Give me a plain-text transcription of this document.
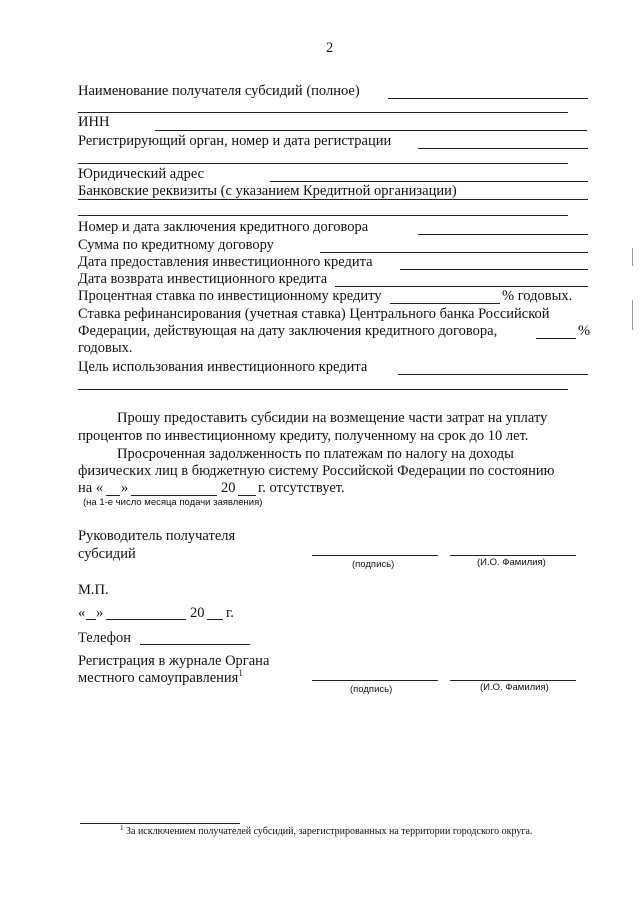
2
Наименование получателя субсидий (полное)
ИНН
Регистрирующий орган, номер и дата регистрации
Юридический адрес
Банковские реквизиты (с указанием Кредитной организации)
Номер и дата заключения кредитного договора
Сумма по кредитному договору
Дата предоставления инвестиционного кредита
Дата возврата инвестиционного кредита
Процентная ставка по инвестиционному кредиту	% годовых.
Ставка рефинансирования (учетная ставка) Центрального банка Российской
Федерации, действующая на дату заключения кредитного договора,	%
годовых.
Цель использования инвестиционного кредита
Прошу предоставить субсидии на возмещение части затрат на уплату
процентов по инвестиционному кредиту, полученному на срок до 10 лет.
Просроченная задолженность по платежам по налогу на доходы
физических лиц в бюджетную систему Российской Федерации по состоянию
на « »	20 г. отсутствует.
(на 1-е число месяца подачи заявления)
Руководитель получателя
субсидий
(подпись)	(И.О. Фамилия)
М.П.
« »	20 г.
Телефон
Регистрация в журнале Органа
местного самоуправления$^1$
(подпись)	(И.О. Фамилия)
$^1$ За исключением получателей субсидий, зарегистрированных на территории городского округа.
